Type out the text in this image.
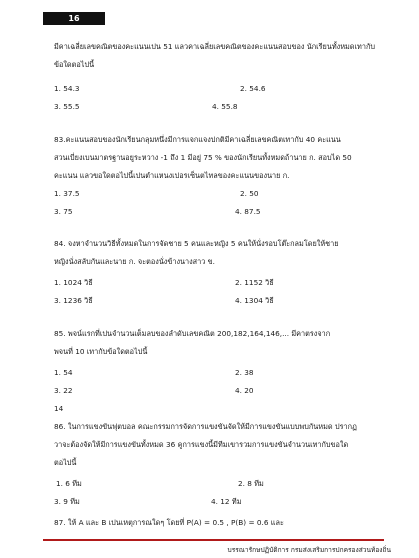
16
มีคาเฉลี่ยเลขคณิตของคะแนนเปน 51 แลวคาเฉลี่ยเลขคณิตของคะแนนสอบของ นักเรียนทั้งหมดเทากับ
ข้อใดตอไปนี้
1. 54.3	2. 54.6
3. 55.5	4. 55.8
83.คะแนนสอบของนักเรียนกลุมหนึ่งมีการแจกแจงปกติมีคาเฉลี่ยเลขคณิตเทากับ 40 คะแนน
สวนเบี่ยงเบนมาตรฐานอยูระหวาง -1 ถึง 1 มีอยู่ 75 % ของนักเรียนทั้งหมดถ้านาย ก. สอบได 50
คะแนน แลวขอใดตอไปนี้เปนตำแหนงเปอรเซ็นตไทลของคะแนนของนาย ก.
1. 37.5	2. 50
3. 75	4. 87.5
84. จงหาจำนวนวิธีทั้งหมดในการจัดชาย 5 คนและหญิง 5 คนให้นั่งรอบโต๊ะกลมโดยให้ชาย
หญิงนั่งสลับกันและนาย ก. จะตองนั่งข้างนางสาว ข.
1. 1024 วิธี	2. 1152 วิธี
3. 1236 วิธี	4. 1304 วิธี
85. พจน์แรกที่เปนจำนวนเต็มลบของลำดับเลขคณิต 200,182,164,146,... มีคาตรงจาก
พจนที่ 10 เทากับข้อใดตอไปนี้
1. 54	2. 38
3. 22	4. 20
14
86. ในการแขงขันฟุตบอล คณะกรรมการจัดการแขงขันจัดให้มีการแขงขันแบบพบกันหมด ปรากฏ
วาจะต้องจัดให้มีการแขงขันทั้งหมด 36 คูการแขงนี้มีทีมเขารวมการแขงขันจำนวนเทากับขอใด
ตอไปนี้
1. 6 ทีม	2. 8 ทีม
3. 9 ทีม	4. 12 ทีม
87. ให้ A และ B เปนเหตุการณใดๆ โดยที่ P(A) = 0.5 , P(B) = 0.6 และ
บรรณารักษปฏิบัติการ กรมส่งเสริมการปกครองส่วนท้องถิ่น
